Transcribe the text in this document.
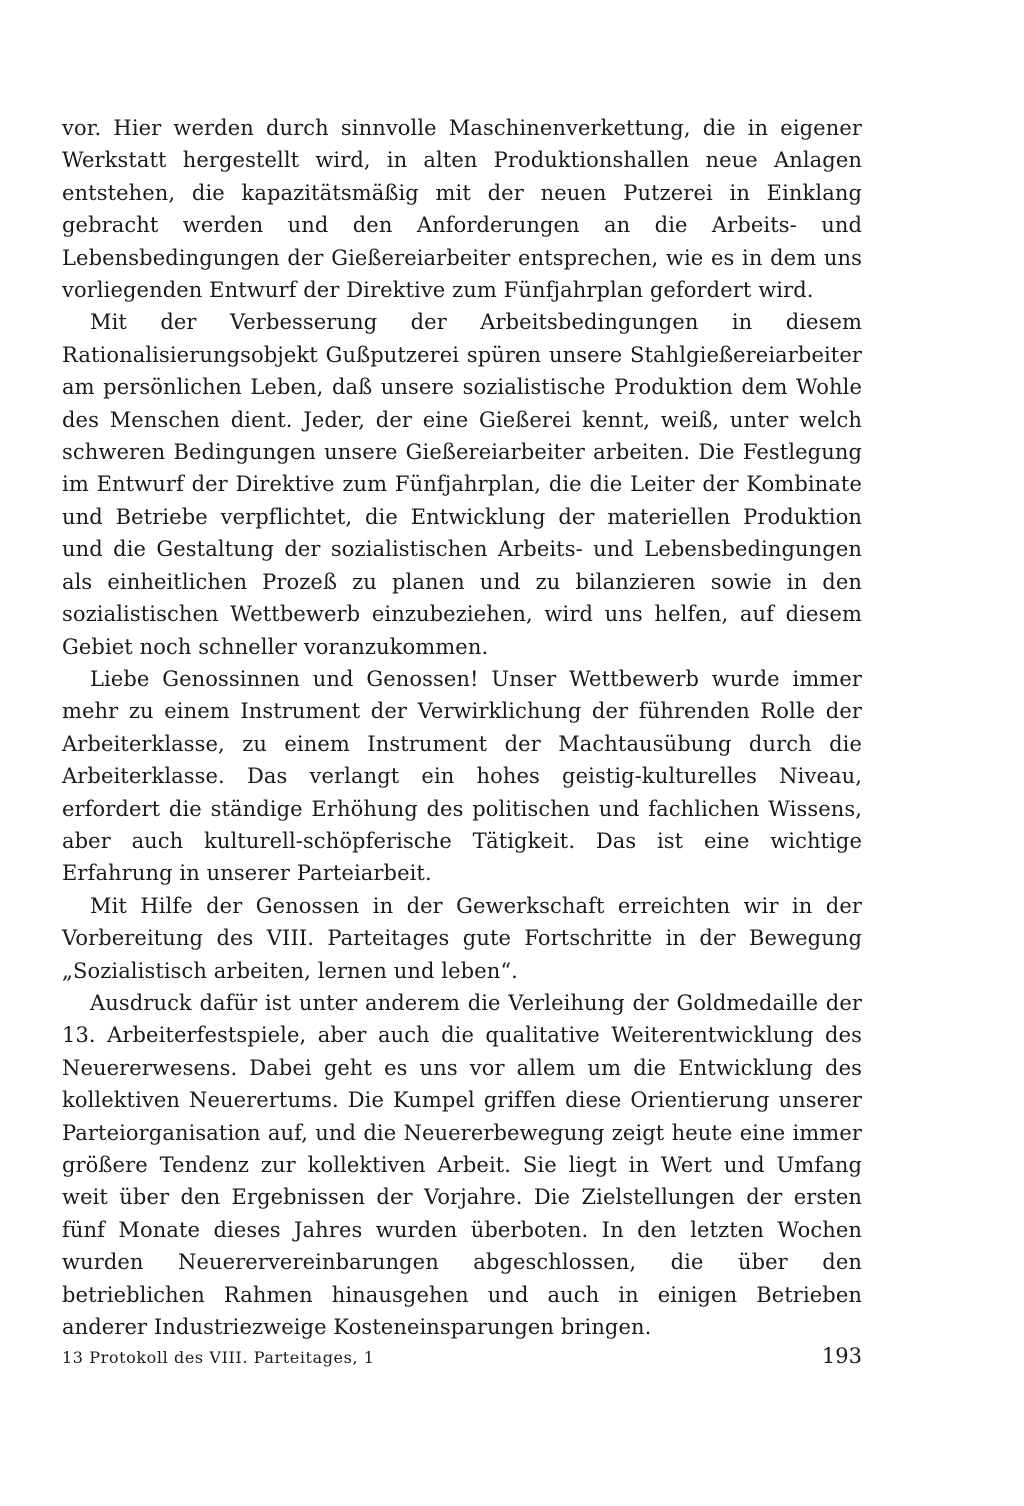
vor. Hier werden durch sinnvolle Maschinenverkettung, die in eigener Werkstatt hergestellt wird, in alten Produktionshallen neue Anlagen entstehen, die kapazitätsmäßig mit der neuen Putzerei in Einklang gebracht werden und den Anforderungen an die Arbeits- und Lebensbedingungen der Gießereiarbeiter entsprechen, wie es in dem uns vorliegenden Entwurf der Direktive zum Fünfjahrplan gefordert wird.

Mit der Verbesserung der Arbeitsbedingungen in diesem Rationalisierungsobjekt Gußputzerei spüren unsere Stahlgießereiarbeiter am persönlichen Leben, daß unsere sozialistische Produktion dem Wohle des Menschen dient. Jeder, der eine Gießerei kennt, weiß, unter welch schweren Bedingungen unsere Gießereiarbeiter arbeiten. Die Festlegung im Entwurf der Direktive zum Fünfjahrplan, die die Leiter der Kombinate und Betriebe verpflichtet, die Entwicklung der materiellen Produktion und die Gestaltung der sozialistischen Arbeits- und Lebensbedingungen als einheitlichen Prozeß zu planen und zu bilanzieren sowie in den sozialistischen Wettbewerb einzubeziehen, wird uns helfen, auf diesem Gebiet noch schneller voranzukommen.

Liebe Genossinnen und Genossen! Unser Wettbewerb wurde immer mehr zu einem Instrument der Verwirklichung der führenden Rolle der Arbeiterklasse, zu einem Instrument der Machtausübung durch die Arbeiterklasse. Das verlangt ein hohes geistig-kulturelles Niveau, erfordert die ständige Erhöhung des politischen und fachlichen Wissens, aber auch kulturell-schöpferische Tätigkeit. Das ist eine wichtige Erfahrung in unserer Parteiarbeit.

Mit Hilfe der Genossen in der Gewerkschaft erreichten wir in der Vorbereitung des VIII. Parteitages gute Fortschritte in der Bewegung „Sozialistisch arbeiten, lernen und leben“.

Ausdruck dafür ist unter anderem die Verleihung der Goldmedaille der 13. Arbeiterfestspiele, aber auch die qualitative Weiterentwicklung des Neuererwesens. Dabei geht es uns vor allem um die Entwicklung des kollektiven Neuerertums. Die Kumpel griffen diese Orientierung unserer Parteiorganisation auf, und die Neuererbewegung zeigt heute eine immer größere Tendenz zur kollektiven Arbeit. Sie liegt in Wert und Umfang weit über den Ergebnissen der Vorjahre. Die Zielstellungen der ersten fünf Monate dieses Jahres wurden überboten. In den letzten Wochen wurden Neuerervereinbarungen abgeschlossen, die über den betrieblichen Rahmen hinausgehen und auch in einigen Betrieben anderer Industriezweige Kosteneinsparungen bringen.

13 Protokoll des VIII. Parteitages, 1	193
